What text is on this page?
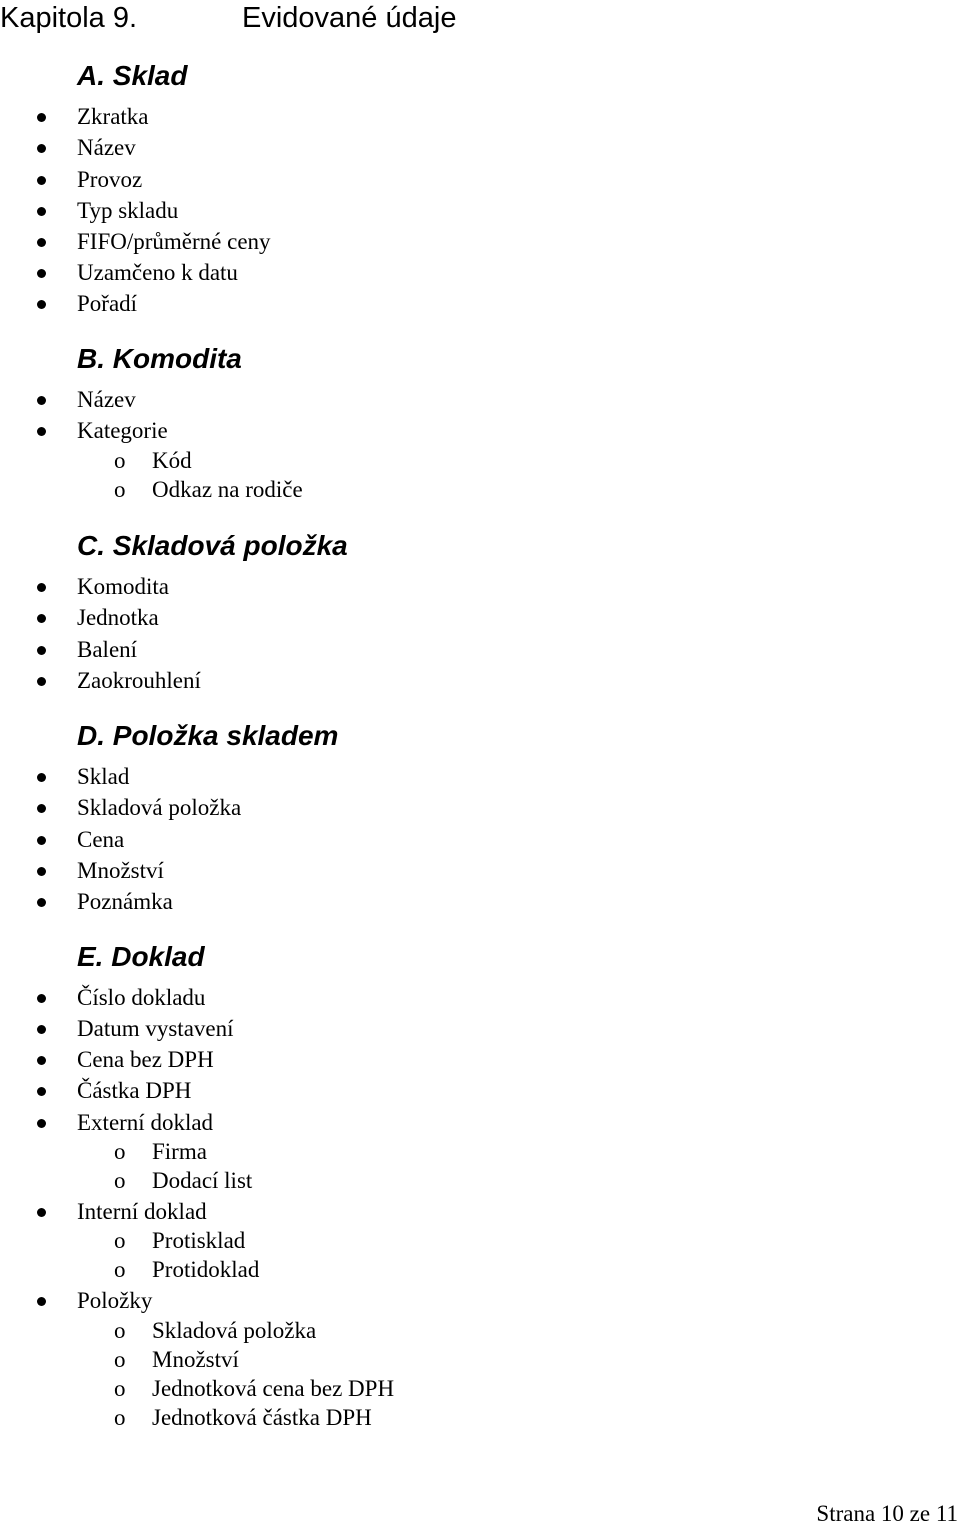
Kapitola 9.	Evidované údaje
A. Sklad
Zkratka
Název
Provoz
Typ skladu
FIFO/průměrné ceny
Uzamčeno k datu
Pořadí
B. Komodita
Název
Kategorie
o Kód
o Odkaz na rodiče
C. Skladová položka
Komodita
Jednotka
Balení
Zaokrouhlení
D. Položka skladem
Sklad
Skladová položka
Cena
Množství
Poznámka
E. Doklad
Číslo dokladu
Datum vystavení
Cena bez DPH
Částka DPH
Externí doklad
o Firma
o Dodací list
Interní doklad
o Protisklad
o Protidoklad
Položky
o Skladová položka
o Množství
o Jednotková cena bez DPH
o Jednotková částka DPH
Strana 10 ze 11
